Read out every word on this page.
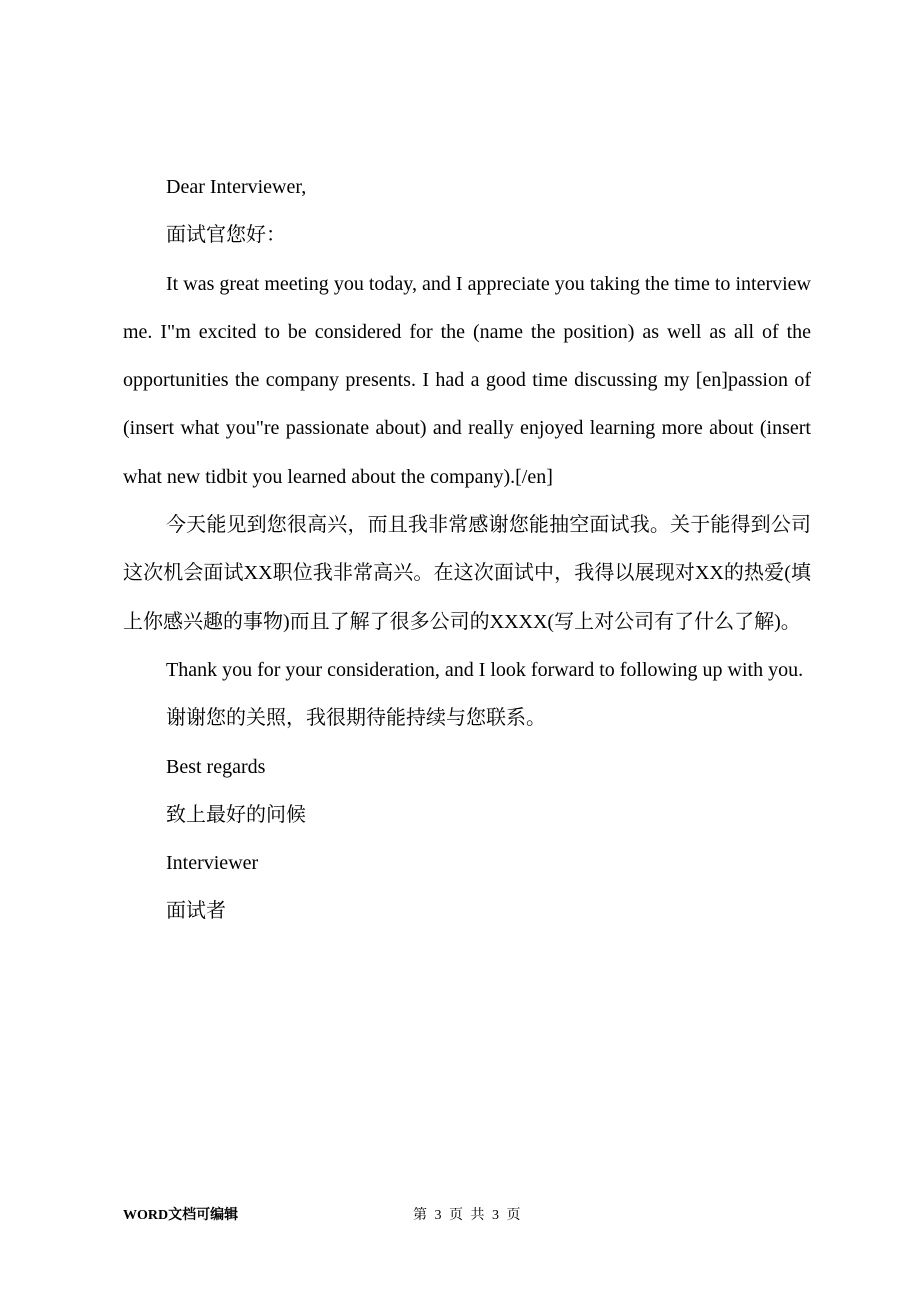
Dear Interviewer,

面试官您好：

It was great meeting you today, and I appreciate you taking the time to interview me. I"m excited to be considered for the (name the position) as well as all of the opportunities the company presents. I had a good time discussing my [en]passion of (insert what you"re passionate about) and really enjoyed learning more about (insert what new tidbit you learned about the company).[/en]

今天能见到您很高兴，而且我非常感谢您能抽空面试我。关于能得到公司这次机会面试XX职位我非常高兴。在这次面试中，我得以展现对XX的热爱(填上你感兴趣的事物)而且了解了很多公司的XXXX(写上对公司有了什么了解)。

Thank you for your consideration, and I look forward to following up with you.

谢谢您的关照，我很期待能持续与您联系。

Best regards

致上最好的问候

Interviewer

面试者

WORD文档可编辑	第 3 页 共 3 页
